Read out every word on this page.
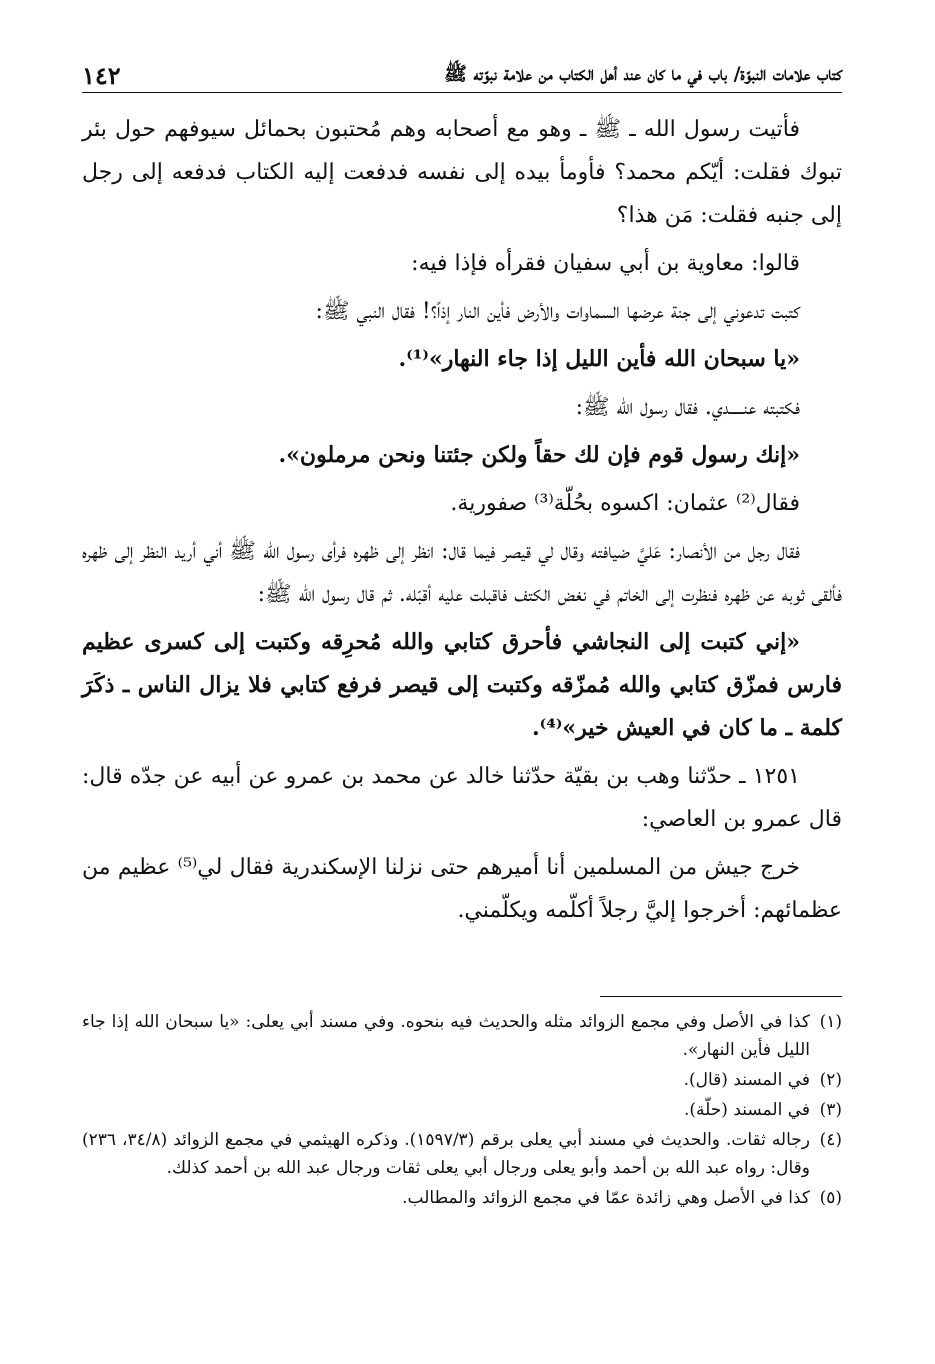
كتاب علامات النبوّة/ باب في ما كان عند أهل الكتاب من علامة نبوّته ﷺ
١٤٢

فأتيت رسول الله ـ ﷺ ـ وهو مع أصحابه وهم مُحتبون بحمائل سيوفهم حول بئر تبوك فقلت: أيّكم محمد؟ فأومأ بيده إلى نفسه فدفعت إليه الكتاب فدفعه إلى رجل إلى جنبه فقلت: مَن هذا؟

قالوا: معاوية بن أبي سفيان فقرأه فإذا فيه:

كتبت تدعوني إلى جنة عرضها السماوات والأرض فأين النار إذاً؟! فقال النبي ﷺ:

«يا سبحان الله فأين الليل إذا جاء النهار»⁽¹⁾.

فكتبته عنـــــدي. فقال رسول الله ﷺ:

«إنك رسول قوم فإن لك حقاً ولكن جئتنا ونحن مرملون».

فقال⁽²⁾ عثمان: اكسوه بحُلّة⁽³⁾ صفورية.

فقال رجل من الأنصار: عَليَّ ضيافته وقال لي قيصر فيما قال: انظر إلى ظهره فرأى رسول الله ﷺ أني أريد النظر إلى ظهره فألقى ثوبه عن ظهره فنظرت إلى الخاتم في نغض الكتف فاقبلت عليه أقبّله. ثم قال رسول الله ﷺ:

«إني كتبت إلى النجاشي فأحرق كتابي والله مُحرِقه وكتبت إلى كسرى عظيم فارس فمزّق كتابي والله مُمزّقه وكتبت إلى قيصر فرفع كتابي فلا يزال الناس ـ ذكَرَ كلمة ـ ما كان في العيش خير»⁽⁴⁾.

١٢٥١ ـ حدّثنا وهب بن بقيّة حدّثنا خالد عن محمد بن عمرو عن أبيه عن جدّه قال: قال عمرو بن العاصي:

خرج جيش من المسلمين أنا أميرهم حتى نزلنا الإسكندرية فقال لي⁽⁵⁾ عظيم من عظمائهم: أخرجوا إليَّ رجلاً أكلّمه ويكلّمني.

(١)كذا في الأصل وفي مجمع الزوائد مثله والحديث فيه بنحوه. وفي مسند أبي يعلى: «يا سبحان الله إذا جاء الليل فأين النهار».
(٢)في المسند (قال).
(٣)في المسند (حلّة).
(٤)رجاله ثقات. والحديث في مسند أبي يعلى برقم (١٥٩٧/٣). وذكره الهيثمي في مجمع الزوائد (٣٤/٨، ٢٣٦) وقال: رواه عبد الله بن أحمد وأبو يعلى ورجال أبي يعلى ثقات ورجال عبد الله بن أحمد كذلك.
(٥)كذا في الأصل وهي زائدة عمّا في مجمع الزوائد والمطالب.
